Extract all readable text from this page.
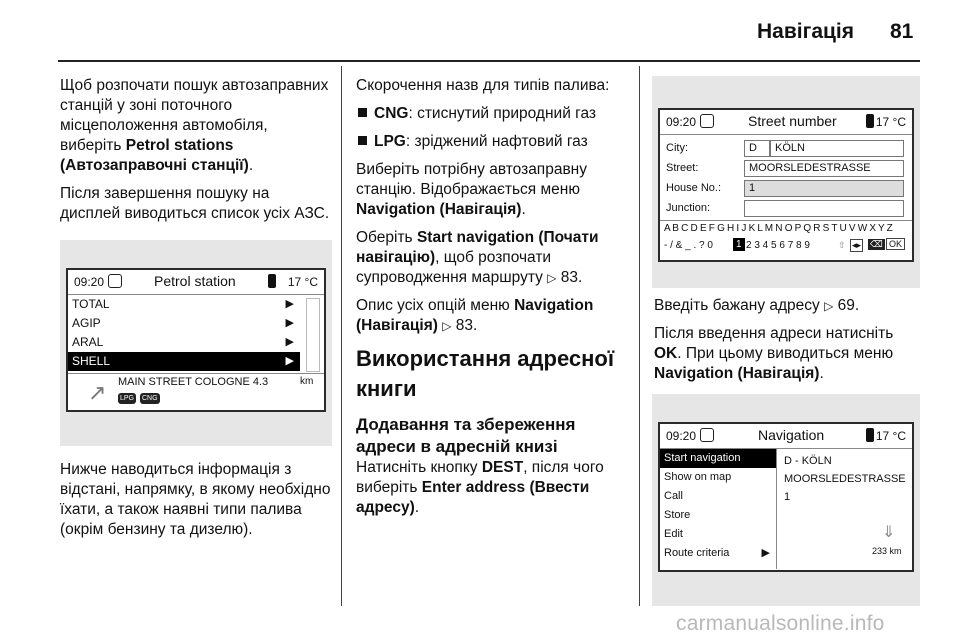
Навігація 81

Щоб розпочати пошук автозаправних станцій у зоні поточного місцеположення автомобіля, виберіть Petrol stations (Автозаправочні станції).

Після завершення пошуку на дисплей виводиться список усіх АЗС.

09:20	Petrol station	17 °C
TOTAL	▶
AGIP	▶
ARAL	▶
SHELL	▶
↗ MAIN STREET COLOGNE 4.3	km
LPG CNG

Нижче наводиться інформація з відстані, напрямку, в якому необхідно їхати, а також наявні типи палива (окрім бензину та дизелю).

Скорочення назв для типів палива:

CNG: стиснутий природний газ
LPG: зріджений нафтовий газ

Виберіть потрібну автозаправну станцію. Відображається меню Navigation (Навігація).

Оберіть Start navigation (Почати навігацію), щоб розпочати супроводження маршруту ▷ 83.

Опис усіх опцій меню Navigation (Навігація) ▷ 83.

Використання адресної книги
Додавання та збереження адреси в адресній книзі

Натисніть кнопку DEST, після чого виберіть Enter address (Ввести адресу).

09:20	Street number	17 °C
City:	D	KÖLN
Street:	MOORSLEDESTRASSE
House No.:	1
Junction:
A B C D E F G H I J K L M N O P Q R S T U V W X Y Z
- / & _ . ? 0	1 2 3 4 5 6 7 8 9	⇧ ◂▸ ⌫ OK

Введіть бажану адресу ▷ 69.

Після введення адреси натисніть OK. При цьому виводиться меню Navigation (Навігація).

09:20	Navigation	17 °C
Start navigation
Show on map
Call
Store
Edit
Route criteria	▶
D - KÖLN
MOORSLEDESTRASSE
1
⇓
233 km
carmanualsonline.info
